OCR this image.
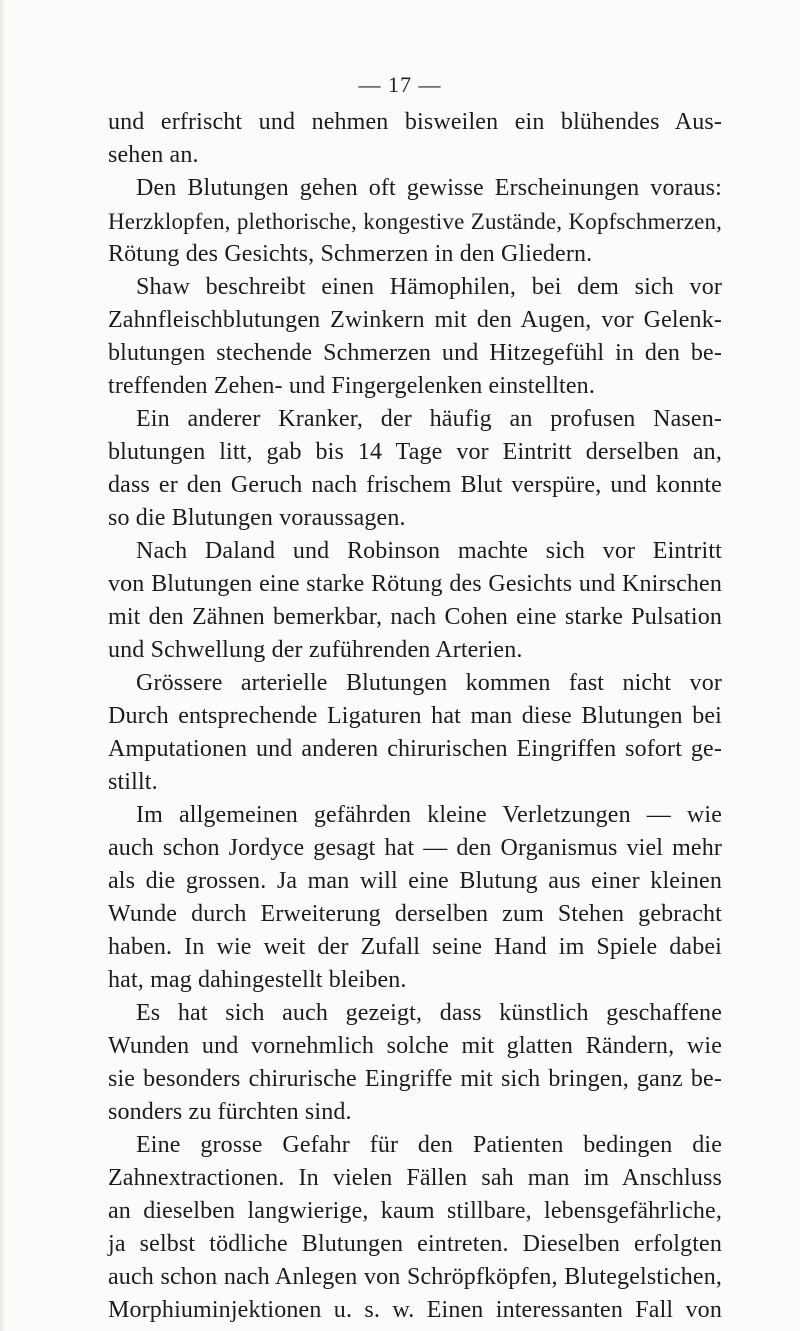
— 17 —
und erfrischt und nehmen bisweilen ein blühendes Aus-
sehen an.
Den Blutungen gehen oft gewisse Erscheinungen voraus:
Herzklopfen, plethorische, kongestive Zustände, Kopfschmerzen,
Rötung des Gesichts, Schmerzen in den Gliedern.
Shaw beschreibt einen Hämophilen, bei dem sich vor
Zahnfleischblutungen Zwinkern mit den Augen, vor Gelenk-
blutungen stechende Schmerzen und Hitzegefühl in den be-
treffenden Zehen- und Fingergelenken einstellten.
Ein anderer Kranker, der häufig an profusen Nasen-
blutungen litt, gab bis 14 Tage vor Eintritt derselben an,
dass er den Geruch nach frischem Blut verspüre, und konnte
so die Blutungen voraussagen.
Nach Daland und Robinson machte sich vor Eintritt
von Blutungen eine starke Rötung des Gesichts und Knirschen
mit den Zähnen bemerkbar, nach Cohen eine starke Pulsation
und Schwellung der zuführenden Arterien.
Grössere arterielle Blutungen kommen fast nicht vor
Durch entsprechende Ligaturen hat man diese Blutungen bei
Amputationen und anderen chirurischen Eingriffen sofort ge-
stillt.
Im allgemeinen gefährden kleine Verletzungen — wie
auch schon Jordyce gesagt hat — den Organismus viel mehr
als die grossen. Ja man will eine Blutung aus einer kleinen
Wunde durch Erweiterung derselben zum Stehen gebracht
haben. In wie weit der Zufall seine Hand im Spiele dabei
hat, mag dahingestellt bleiben.
Es hat sich auch gezeigt, dass künstlich geschaffene
Wunden und vornehmlich solche mit glatten Rändern, wie
sie besonders chirurische Eingriffe mit sich bringen, ganz be-
sonders zu fürchten sind.
Eine grosse Gefahr für den Patienten bedingen die
Zahnextractionen. In vielen Fällen sah man im Anschluss
an dieselben langwierige, kaum stillbare, lebensgefährliche,
ja selbst tödliche Blutungen eintreten. Dieselben erfolgten
auch schon nach Anlegen von Schröpfköpfen, Blutegelstichen,
Morphiuminjektionen u. s. w. Einen interessanten Fall von
